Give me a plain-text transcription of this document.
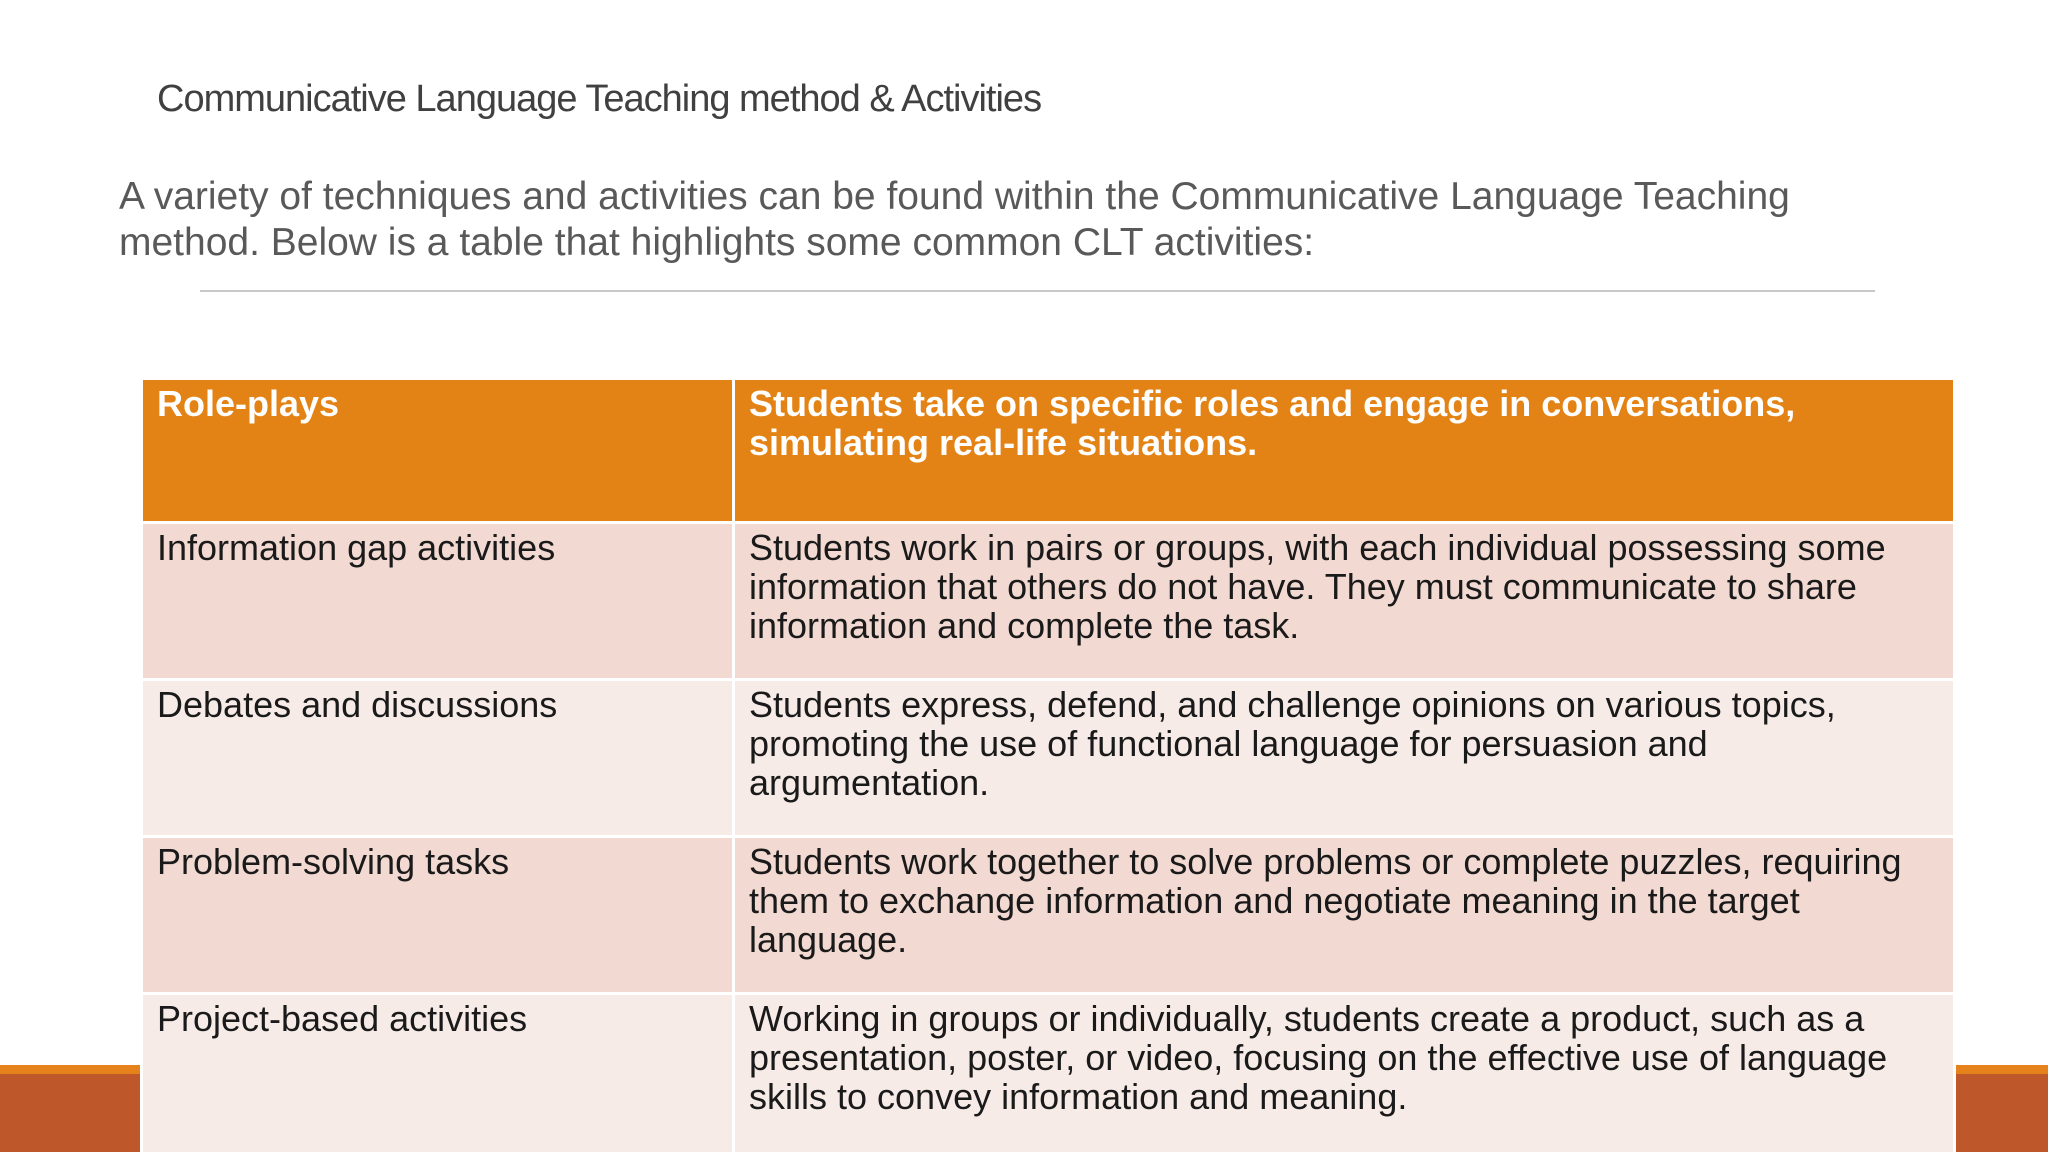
Communicative Language Teaching method & Activities
A variety of techniques and activities can be found within the Communicative Language Teaching method. Below is a table that highlights some common CLT activities:
Role-plays	Students take on specific roles and engage in conversations, simulating real-life situations.
Information gap activities	Students work in pairs or groups, with each individual possessing some information that others do not have. They must communicate to share information and complete the task.
Debates and discussions	Students express, defend, and challenge opinions on various topics, promoting the use of functional language for persuasion and argumentation.
Problem-solving tasks	Students work together to solve problems or complete puzzles, requiring them to exchange information and negotiate meaning in the target language.
Project-based activities	Working in groups or individually, students create a product, such as a presentation, poster, or video, focusing on the effective use of language skills to convey information and meaning.
